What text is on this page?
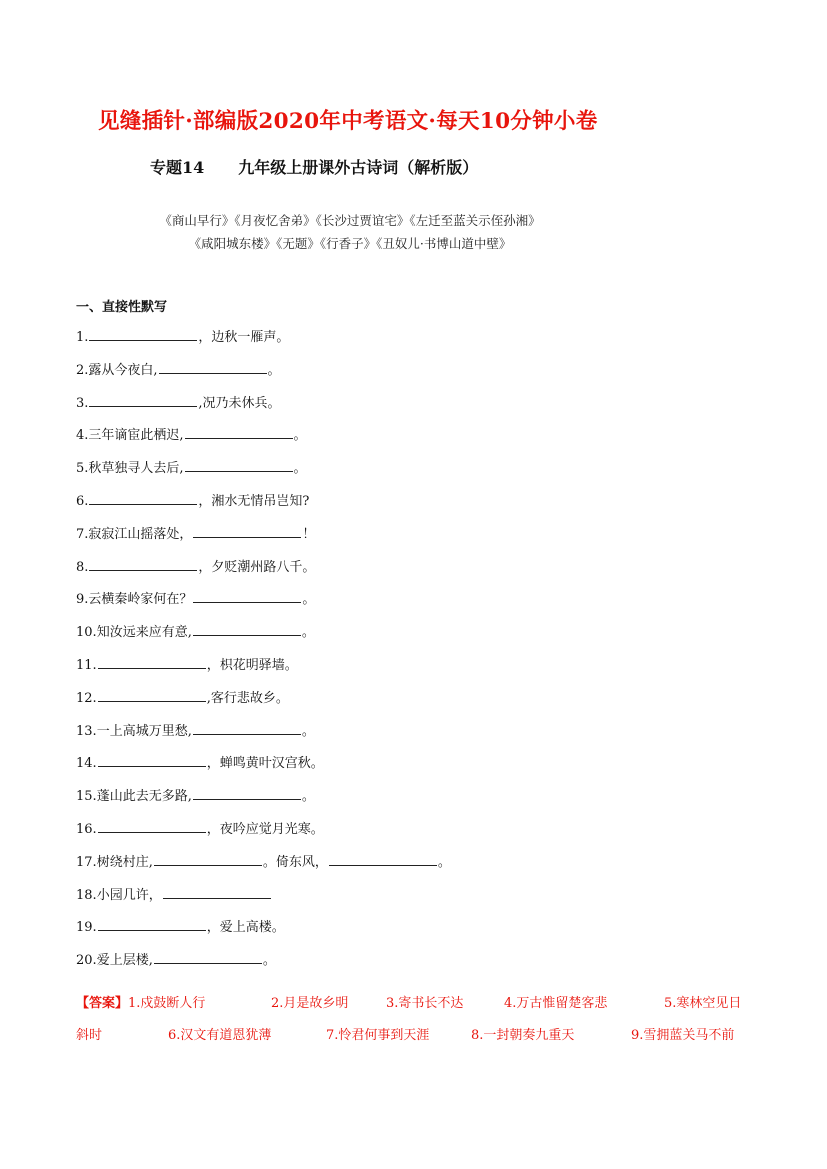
见缝插针·部编版2020年中考语文·每天10分钟小卷
专题14 九年级上册课外古诗词（解析版）
《商山早行》《月夜忆舍弟》《长沙过贾谊宅》《左迁至蓝关示侄孙湘》
《咸阳城东楼》《无题》《行香子》《丑奴儿·书博山道中壁》
一、直接性默写
1.	，边秋一雁声。
2.露从今夜白,	。
3.	,况乃未休兵。
4.三年谪宦此栖迟,	。
5.秋草独寻人去后,	。
6.	，湘水无情吊岂知?
7.寂寂江山摇落处，	！
8.	，夕贬潮州路八千。
9.云横秦岭家何在？	。
10.知汝远来应有意,	。
11.	，枳花明驿墙。
12.	,客行悲故乡。
13.一上高城万里愁,	。
14.	，蝉鸣黄叶汉宫秋。
15.蓬山此去无多路,	。
16.	，夜吟应觉月光寒。
17.树绕村庄,	。倚东风，	。
18.小园几许，
19.	，爱上高楼。
20.爱上层楼,	。
【答案】1.戍鼓断人行	2.月是故乡明	3.寄书长不达	4.万古惟留楚客悲	5.寒林空见日
斜时	6.汉文有道恩犹薄	7.怜君何事到天涯	8.一封朝奏九重天	9.雪拥蓝关马不前
